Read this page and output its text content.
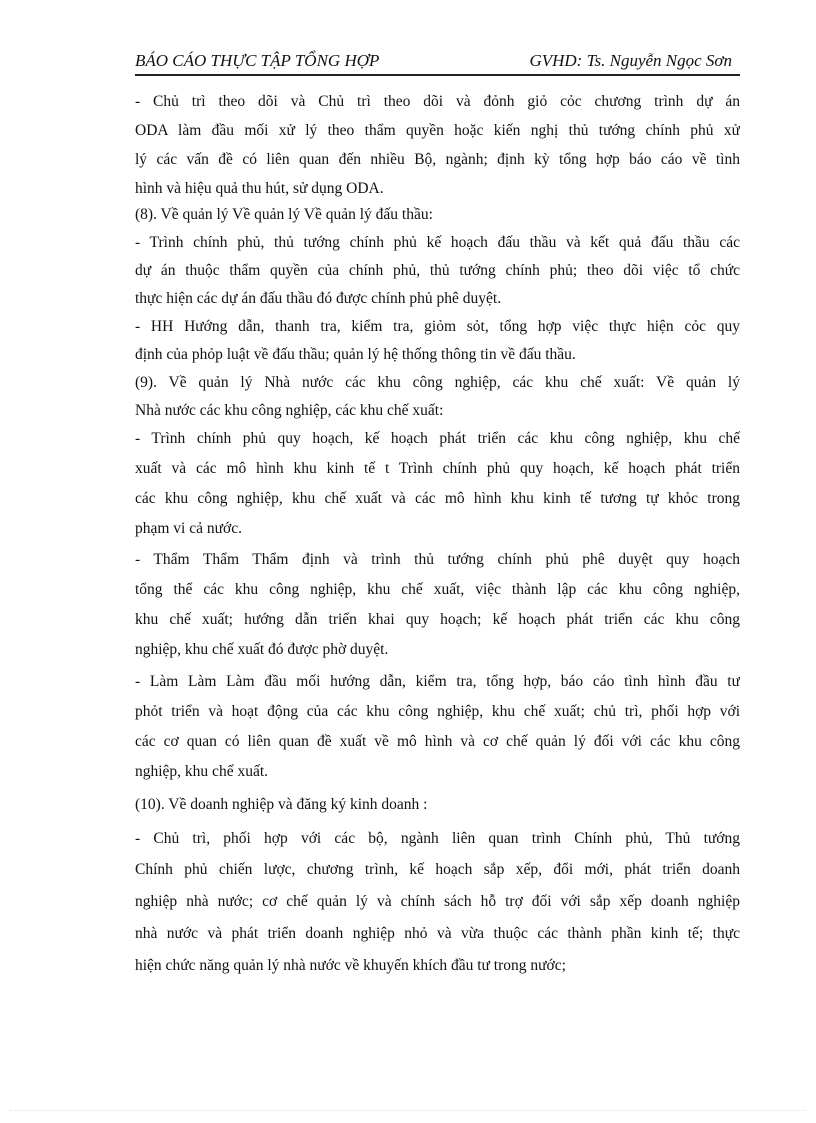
BÁO CÁO THỰC TẬP TỔNG HỢP	GVHD: Ts. Nguyễn Ngọc Sơn
- Chủ trì theo dõi và Chủ trì theo dõi và đỏnh giỏ cỏc chương trình dự án
ODA làm đầu mối xử lý theo thẩm quyền hoặc kiến nghị thủ tướng chính phủ xử
lý các vấn đề có liên quan đến nhiều Bộ, ngành; định kỳ tổng hợp báo cáo về tình
hình và hiệu quả thu hút, sử dụng ODA.
(8). Về quản lý Về quản lý Về quản lý đấu thầu:
- Trình chính phủ, thủ tướng chính phủ kế hoạch đấu thầu và kết quả đấu thầu các
dự án thuộc thẩm quyền của chính phủ, thủ tướng chính phủ; theo dõi việc tổ chức
thực hiện các dự án đấu thầu đó được chính phủ phê duyệt.
- HH Hướng dẫn, thanh tra, kiểm tra, giỏm sỏt, tổng hợp việc thực hiện cỏc quy
định của phỏp luật về đấu thầu; quản lý hệ thống thông tin về đấu thầu.
(9). Về quản lý Nhà nước các khu công nghiệp, các khu chế xuất: Về quản lý
Nhà nước các khu công nghiệp, các khu chế xuất:
- Trình chính phủ quy hoạch, kế hoạch phát triển các khu công nghiệp, khu chế
xuất và các mô hình khu kinh tế t Trình chính phủ quy hoạch, kế hoạch phát triển
các khu công nghiệp, khu chế xuất và các mô hình khu kinh tế tương tự khỏc trong
phạm vi cả nước.
- Thẩm Thẩm Thẩm định và trình thủ tướng chính phủ phê duyệt quy hoạch
tổng thể các khu công nghiệp, khu chế xuất, việc thành lập các khu công nghiệp,
khu chế xuất; hướng dẫn triển khai quy hoạch; kế hoạch phát triển các khu công
nghiệp, khu chế xuất đó được phờ duyệt.
- Làm Làm Làm đầu mối hướng dẫn, kiểm tra, tổng hợp, báo cáo tình hình đầu tư
phỏt triển và hoạt động của các khu công nghiệp, khu chế xuất; chủ trì, phối hợp với
các cơ quan có liên quan đề xuất về mô hình và cơ chế quản lý đối với các khu công
nghiệp, khu chế xuất.
(10). Về doanh nghiệp và đăng ký kinh doanh :
- Chủ trì, phối hợp với các bộ, ngành liên quan trình Chính phủ, Thủ tướng
Chính phủ chiến lược, chương trình, kế hoạch sắp xếp, đổi mới, phát triển doanh
nghiệp nhà nước; cơ chế quản lý và chính sách hỗ trợ đối với sắp xếp doanh nghiệp
nhà nước và phát triển doanh nghiệp nhỏ và vừa thuộc các thành phần kinh tế; thực
hiện chức năng quản lý nhà nước về khuyến khích đầu tư trong nước;
